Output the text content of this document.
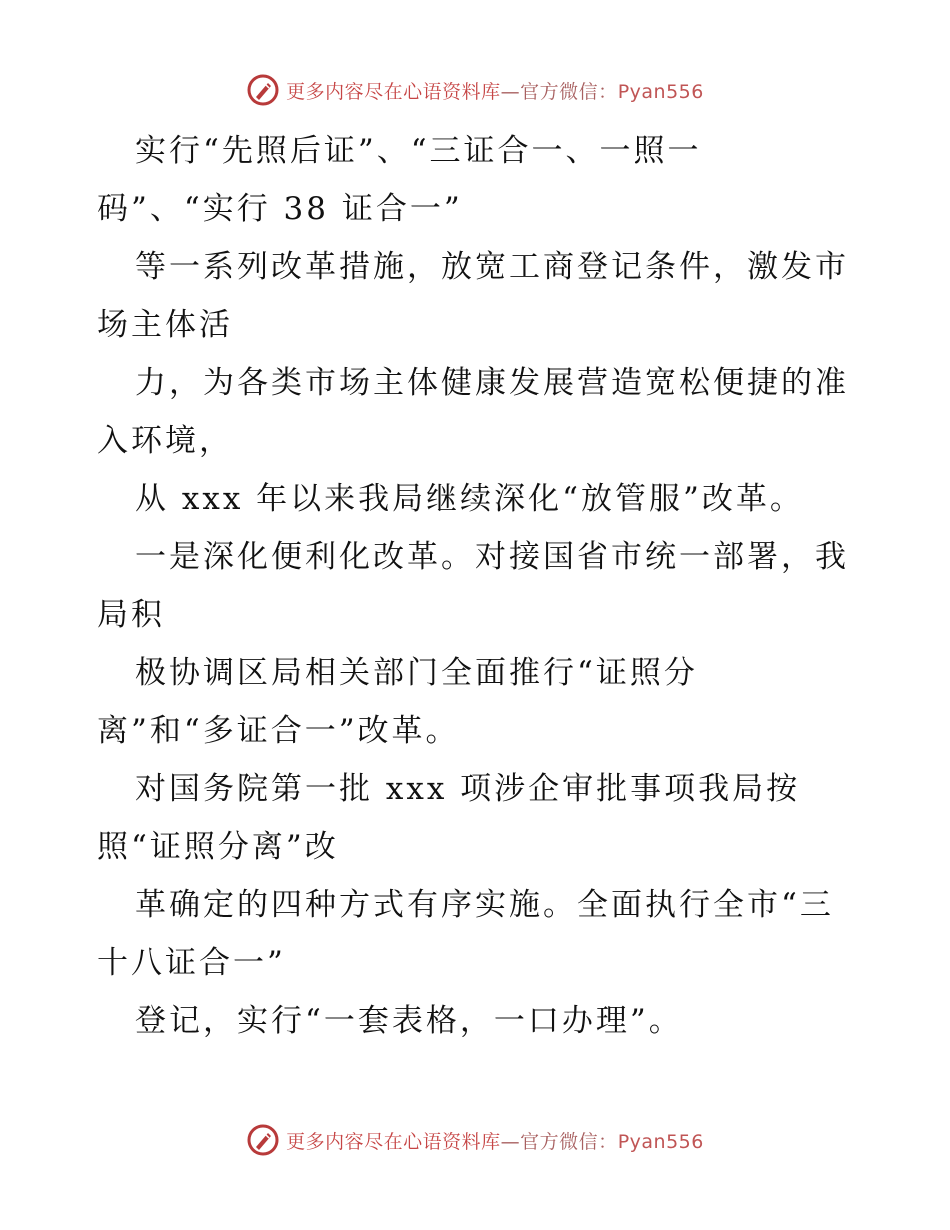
更多内容尽在心语资料库—官方微信：Pyan556

实行“先照后证”、“三证合一、一照一
码”、“实行 38 证合一”

等一系列改革措施，放宽工商登记条件，激发市
场主体活

力，为各类市场主体健康发展营造宽松便捷的准
入环境，

从 xxx 年以来我局继续深化“放管服”改革。

一是深化便利化改革。对接国省市统一部署，我
局积

极协调区局相关部门全面推行“证照分
离”和“多证合一”改革。

对国务院第一批 xxx 项涉企审批事项我局按
照“证照分离”改

革确定的四种方式有序实施。全面执行全市“三
十八证合一”

登记，实行“一套表格，一口办理”。

更多内容尽在心语资料库—官方微信：Pyan556
